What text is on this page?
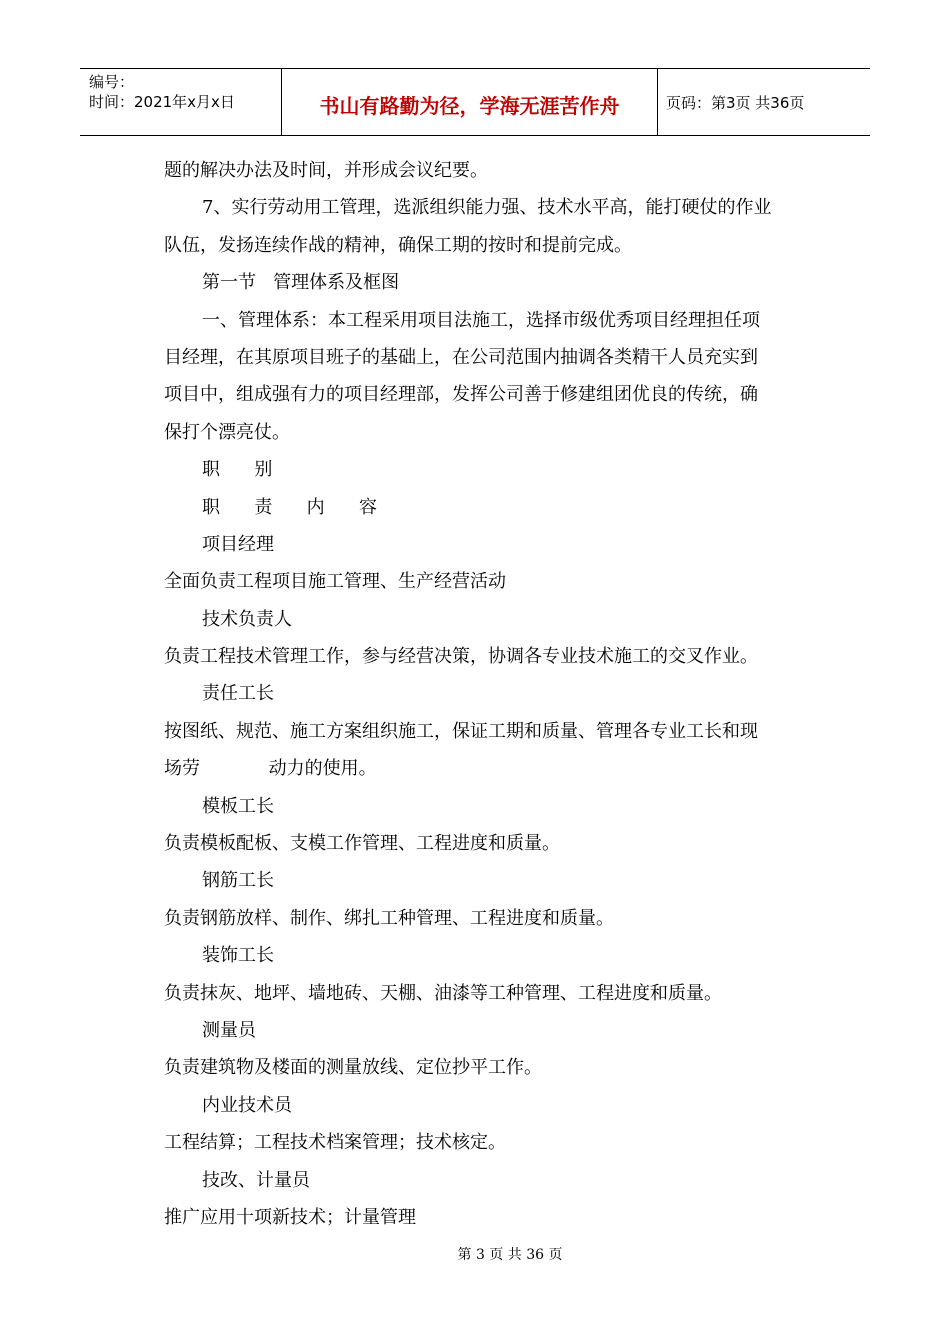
编号：
时间：2021年x月x日	书山有路勤为径，学海无涯苦作舟	页码：第3页 共36页
题的解决办法及时间，并形成会议纪要。
7、实行劳动用工管理，选派组织能力强、技术水平高，能打硬仗的作业
队伍，发扬连续作战的精神，确保工期的按时和提前完成。
第一节   管理体系及框图
一、管理体系：本工程采用项目法施工，选择市级优秀项目经理担任项
目经理，在其原项目班子的基础上，在公司范围内抽调各类精干人员充实到
项目中，组成强有力的项目经理部，发挥公司善于修建组团优良的传统，确
保打个漂亮仗。
职      别
职      责      内      容
项目经理
全面负责工程项目施工管理、生产经营活动
技术负责人
负责工程技术管理工作，参与经营决策，协调各专业技术施工的交叉作业。
责任工长
按图纸、规范、施工方案组织施工，保证工期和质量、管理各专业工长和现
场劳            动力的使用。
模板工长
负责模板配板、支模工作管理、工程进度和质量。
钢筋工长
负责钢筋放样、制作、绑扎工种管理、工程进度和质量。
装饰工长
负责抹灰、地坪、墙地砖、天棚、油漆等工种管理、工程进度和质量。
测量员
负责建筑物及楼面的测量放线、定位抄平工作。
内业技术员
工程结算；工程技术档案管理；技术核定。
技改、计量员
推广应用十项新技术；计量管理
第 3 页 共 36 页
